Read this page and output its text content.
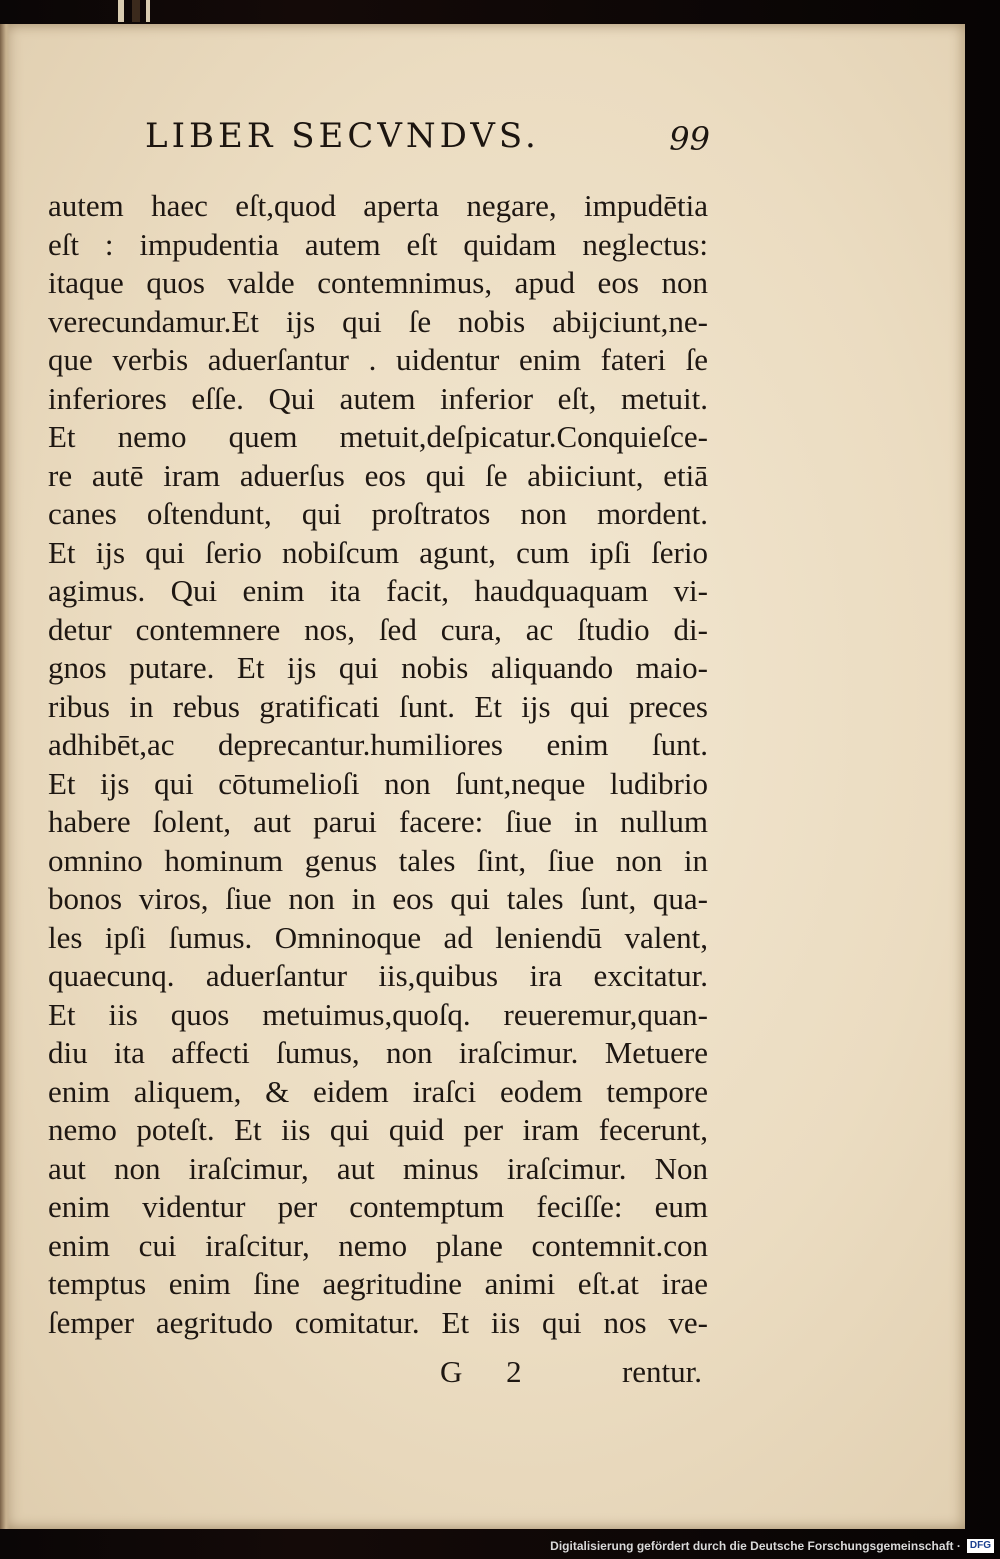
LIBER SECVNDVS.	99
autem haec eſt,quod aperta negare, impudētia
eſt : impudentia autem eſt quidam neglectus:
itaque quos valde contemnimus, apud eos non
verecundamur.Et ijs qui ſe nobis abijciunt,ne-
que verbis aduerſantur . uidentur enim fateri ſe
inferiores eſſe. Qui autem inferior eſt, metuit.
Et nemo quem metuit,deſpicatur.Conquieſce-
re autē iram aduerſus eos qui ſe abiiciunt, etiā
canes oſtendunt, qui proſtratos non mordent.
Et ijs qui ſerio nobiſcum agunt, cum ipſi ſerio
agimus. Qui enim ita facit, haudquaquam vi-
detur contemnere nos, ſed cura, ac ſtudio di-
gnos putare. Et ijs qui nobis aliquando maio-
ribus in rebus gratificati ſunt. Et ijs qui preces
adhibēt,ac deprecantur.humiliores enim ſunt.
Et ijs qui cōtumelioſi non ſunt,neque ludibrio
habere ſolent, aut parui facere: ſiue in nullum
omnino hominum genus tales ſint, ſiue non in
bonos viros, ſiue non in eos qui tales ſunt, qua-
les ipſi ſumus. Omninoque ad leniendū valent,
quaecunq. aduerſantur iis,quibus ira excitatur.
Et iis quos metuimus,quoſq. reueremur,quan-
diu ita affecti ſumus, non iraſcimur. Metuere
enim aliquem, & eidem iraſci eodem tempore
nemo poteſt. Et iis qui quid per iram fecerunt,
aut non iraſcimur, aut minus iraſcimur. Non
enim videntur per contemptum feciſſe: eum
enim cui iraſcitur, nemo plane contemnit.con
temptus enim ſine aegritudine animi eſt.at irae
ſemper aegritudo comitatur. Et iis qui nos ve-
G 2	rentur.
Digitalisierung gefördert durch die Deutsche Forschungsgemeinschaft · DFG
